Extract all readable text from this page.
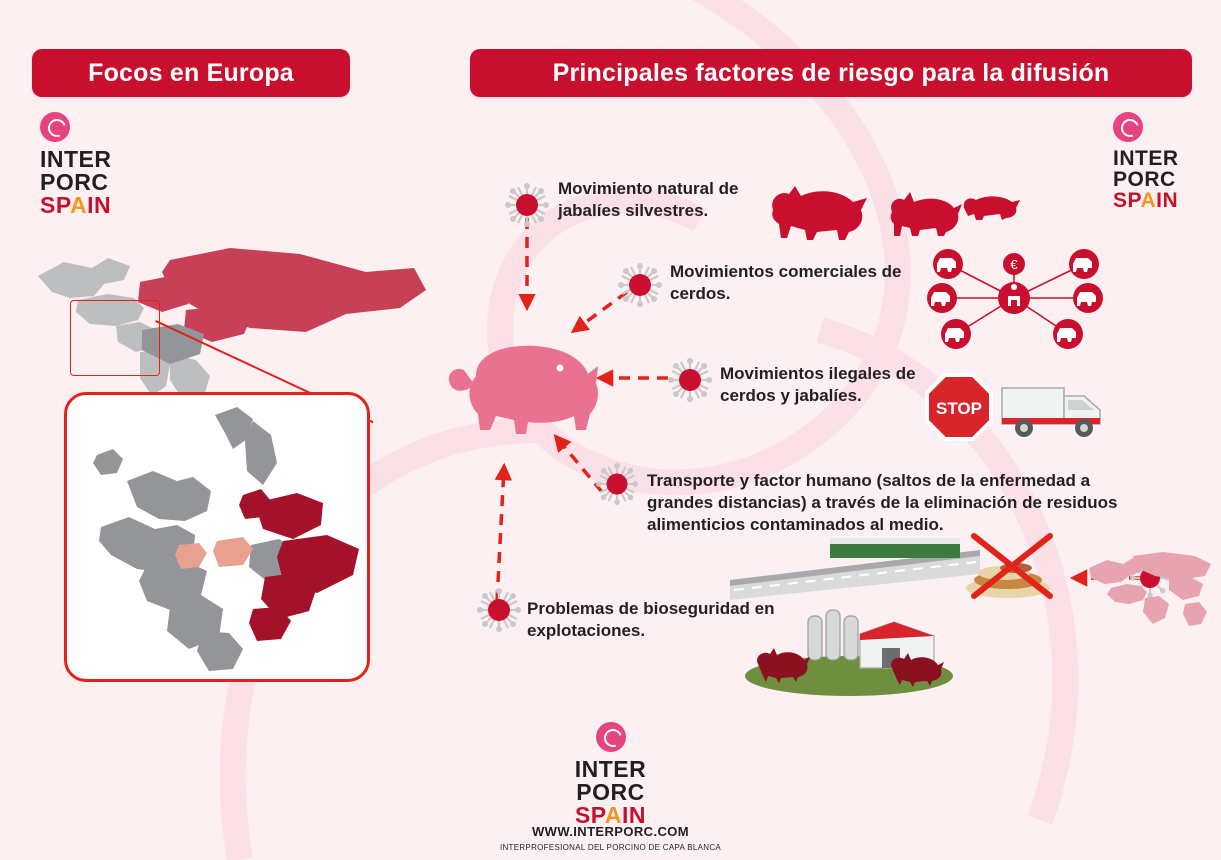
Focos en Europa	Principales factores de riesgo para la difusión
INTER
PORC
SPAIN
INTER
PORC
SPAIN
INTER
PORC
SPAIN
WWW.INTERPORC.COM
INTERPROFESIONAL DEL PORCINO DE CAPA BLANCA
Movimiento natural de jabalíes silvestres.
Movimientos comerciales de cerdos.
Movimientos ilegales de cerdos y jabalíes.
Transporte y factor humano (saltos de la enfermedad a grandes distancias) a través de la eliminación de residuos alimenticios contaminados al medio.
Problemas de bioseguridad en explotaciones.
€
STOP
